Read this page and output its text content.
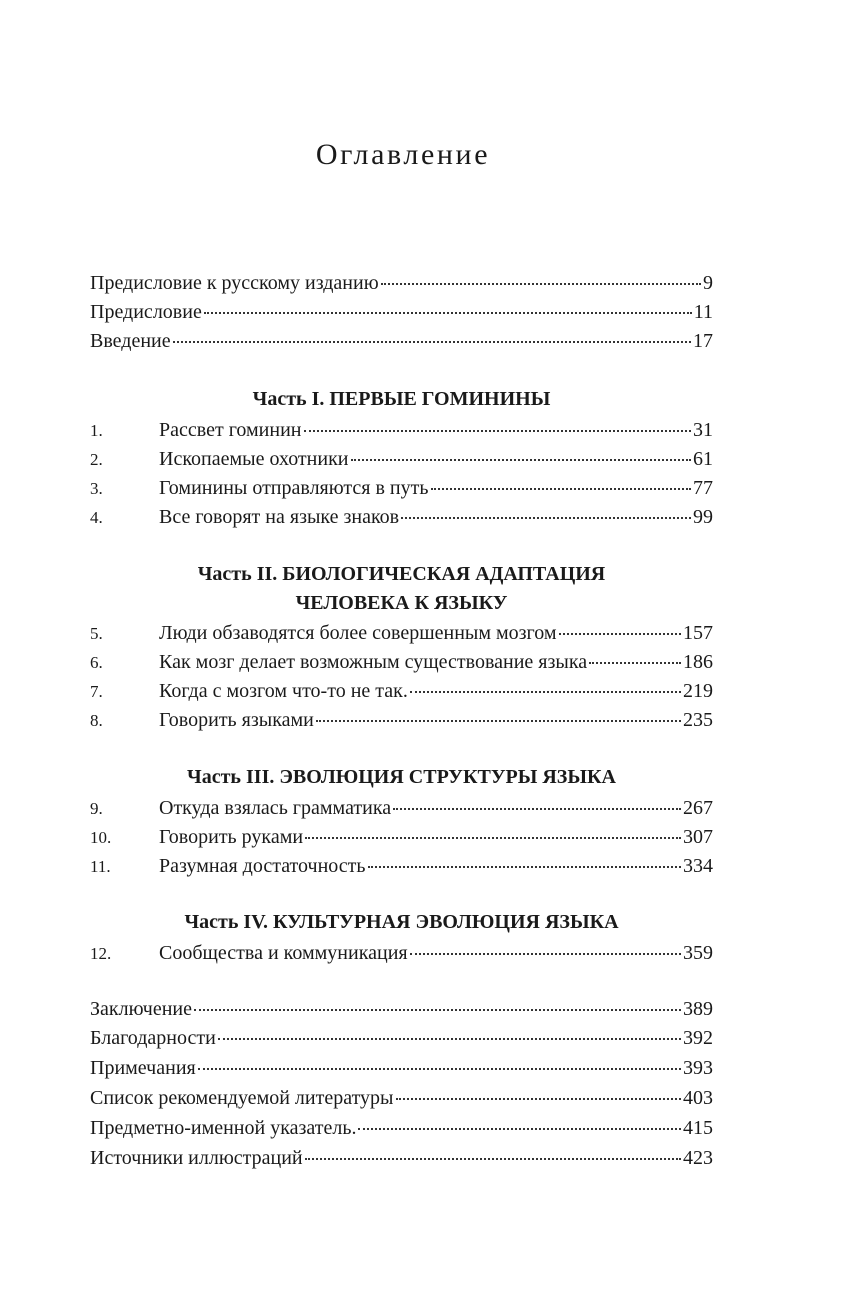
Оглавление
Предисловие к русскому изданию	9
Предисловие	11
Введение	17
Часть I. ПЕРВЫЕ ГОМИНИНЫ
1.	Рассвет гоминин	31
2.	Ископаемые охотники	61
3.	Гоминины отправляются в путь	77
4.	Все говорят на языке знаков	99
Часть II. БИОЛОГИЧЕСКАЯ АДАПТАЦИЯ
ЧЕЛОВЕКА К ЯЗЫКУ
5.	Люди обзаводятся более совершенным мозгом	157
6.	Как мозг делает возможным существование языка	186
7.	Когда с мозгом что-то не так.	219
8.	Говорить языками	235
Часть III. ЭВОЛЮЦИЯ СТРУКТУРЫ ЯЗЫКА
9.	Откуда взялась грамматика	267
10.	Говорить руками	307
11.	Разумная достаточность	334
Часть IV. КУЛЬТУРНАЯ ЭВОЛЮЦИЯ ЯЗЫКА
12.	Сообщества и коммуникация	359
Заключение	389
Благодарности	392
Примечания	393
Список рекомендуемой литературы	403
Предметно-именной указатель.	415
Источники иллюстраций	423
